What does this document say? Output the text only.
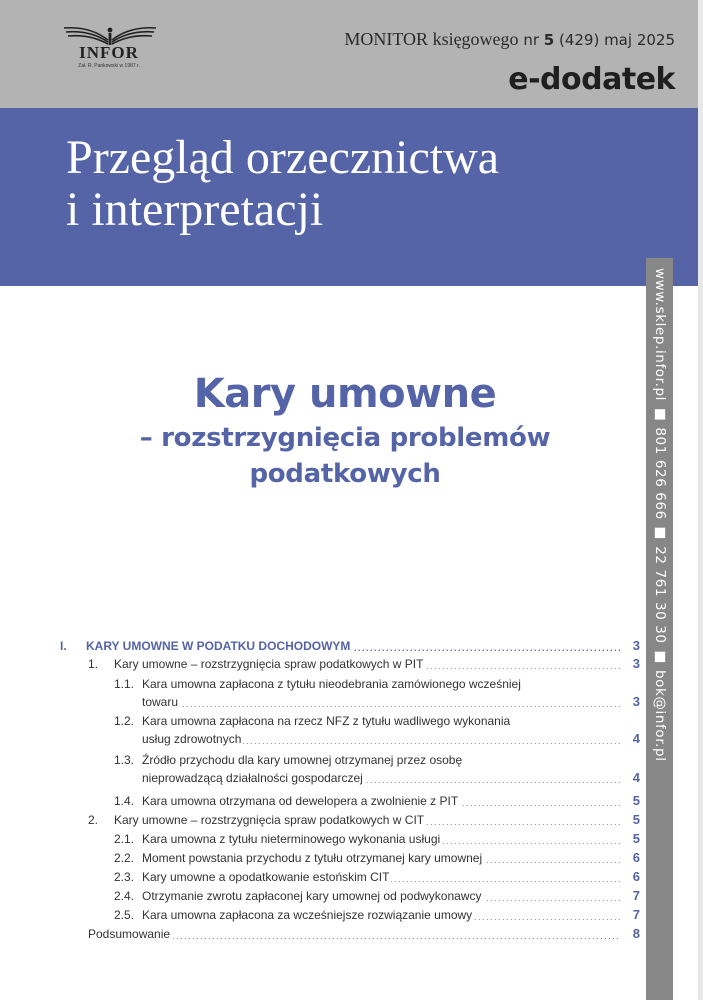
INFOR
Zał. R. Pankowski w 1987 r.
MONITOR księgowego nr 5 (429) maj 2025
e-dodatek
Przegląd orzecznictwa
i interpretacji
www.sklep.infor.pl ■ 801 626 666 ■ 22 761 30 30 ■ bok@infor.pl
Kary umowne
– rozstrzygnięcia problemów
podatkowych
I.	KARY UMOWNE W PODATKU DOCHODOWYM .....	3
1.	Kary umowne – rozstrzygnięcia spraw podatkowych w PIT .....	3
1.1. Kara umowna zapłacona z tytułu nieodebrania zamówionego wcześniej
towaru .....	3
1.2. Kara umowna zapłacona na rzecz NFZ z tytułu wadliwego wykonania
usług zdrowotnych .....	4
1.3. Źródło przychodu dla kary umownej otrzymanej przez osobę
nieprowadzącą działalności gospodarczej .....	4
1.4. Kara umowna otrzymana od dewelopera a zwolnienie z PIT .....	5
2.	Kary umowne – rozstrzygnięcia spraw podatkowych w CIT .....	5
2.1. Kara umowna z tytułu nieterminowego wykonania usługi .....	5
2.2. Moment powstania przychodu z tytułu otrzymanej kary umownej .....	6
2.3. Kary umowne a opodatkowanie estońskim CIT .....	6
2.4. Otrzymanie zwrotu zapłaconej kary umownej od podwykonawcy .....	7
2.5. Kara umowna zapłacona za wcześniejsze rozwiązanie umowy .....	7
Podsumowanie .....	8
